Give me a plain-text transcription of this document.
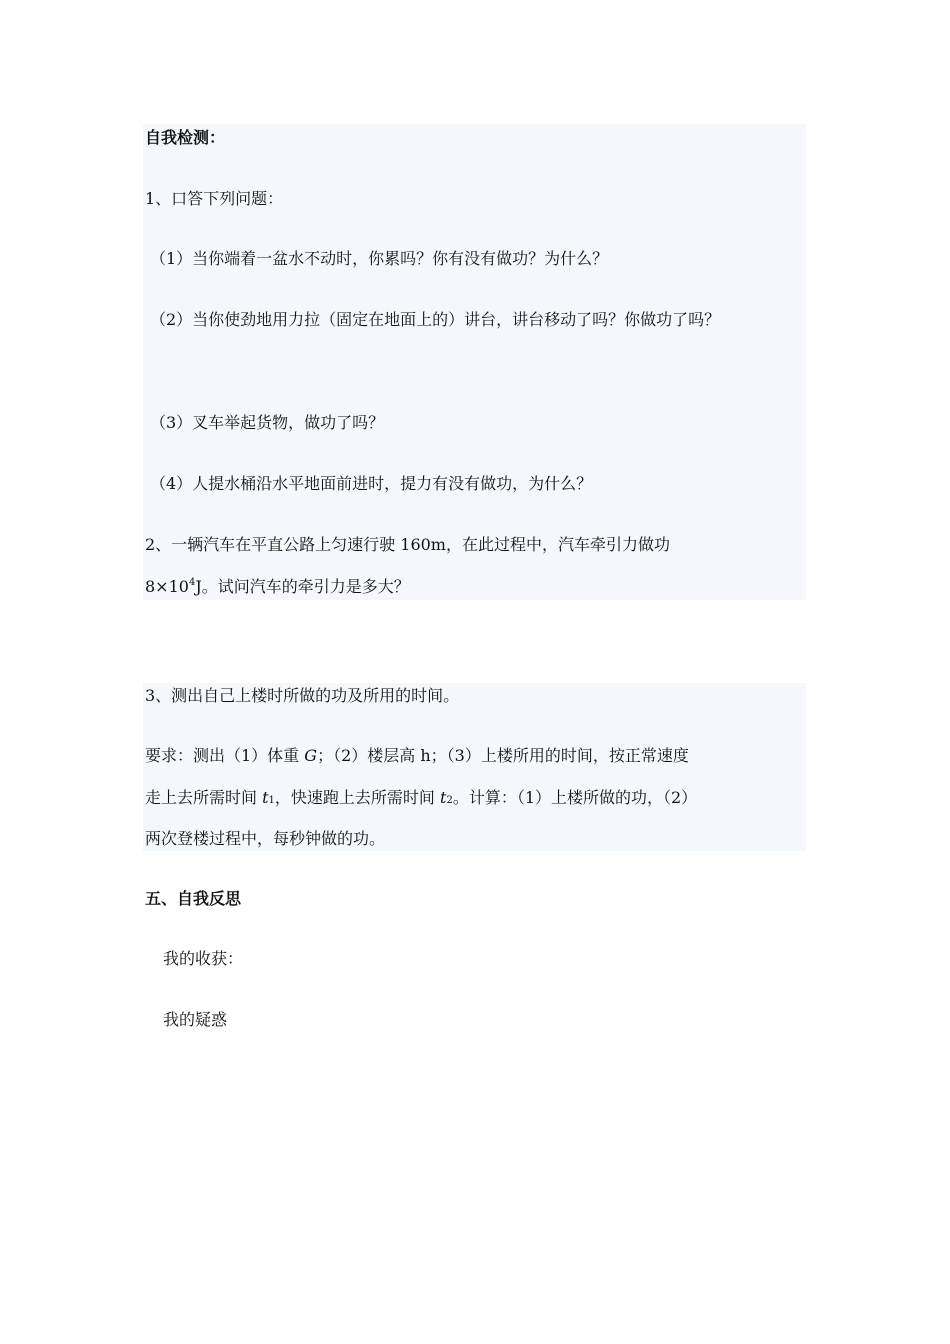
自我检测：
1、口答下列问题：
（1）当你端着一盆水不动时，你累吗？你有没有做功？为什么？
（2）当你使劲地用力拉（固定在地面上的）讲台，讲台移动了吗？你做功了吗？
（3）叉车举起货物，做功了吗？
（4）人提水桶沿水平地面前进时，提力有没有做功，为什么？
2、一辆汽车在平直公路上匀速行驶 160m，在此过程中，汽车牵引力做功
$8\times 10^4J$。试问汽车的牵引力是多大？
3、测出自己上楼时所做的功及所用的时间。
要求：测出（1）体重 G；（2）楼层高 h；（3）上楼所用的时间，按正常速度
走上去所需时间 $t_1$，快速跑上去所需时间 $t_2$。计算：（1）上楼所做的功，（2）
两次登楼过程中，每秒钟做的功。
五、自我反思
我的收获：
我的疑惑
